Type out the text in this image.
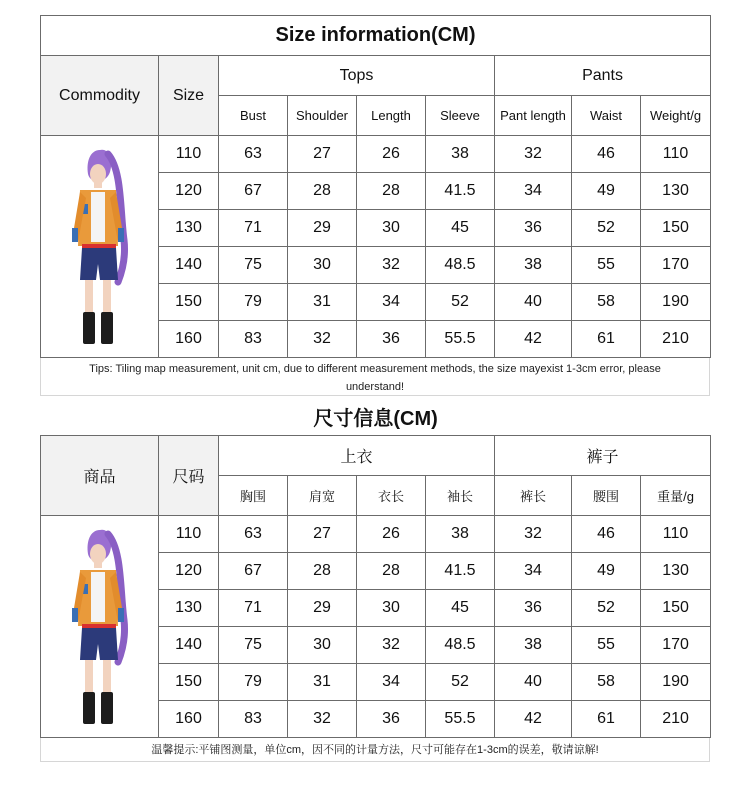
Size information(CM)								
Commodity	Size	Tops				Pants		
		Bust	Shoulder	Length	Sleeve	Pant length	Waist	Weight/g

	110	63	27	26	38	32	46	110
	120	67	28	28	41.5	34	49	130
	130	71	29	30	45	36	52	150
	140	75	30	32	48.5	38	55	170
	150	79	31	34	52	40	58	190
	160	83	32	36	55.5	42	61	210
Tips: Tiling map measurement, unit cm, due to different measurement methods, the size mayexist 1-3cm error, please understand!
尺寸信息(CM)								
商品	尺码	上衣				裤子		
		胸围	肩宽	衣长	袖长	裤长	腰围	重量/g

	110	63	27	26	38	32	46	110
	120	67	28	28	41.5	34	49	130
	130	71	29	30	45	36	52	150
	140	75	30	32	48.5	38	55	170
	150	79	31	34	52	40	58	190
	160	83	32	36	55.5	42	61	210
温馨提示:平铺图测量，单位cm，因不同的计量方法，尺寸可能存在1-3cm的误差，敬请谅解!
